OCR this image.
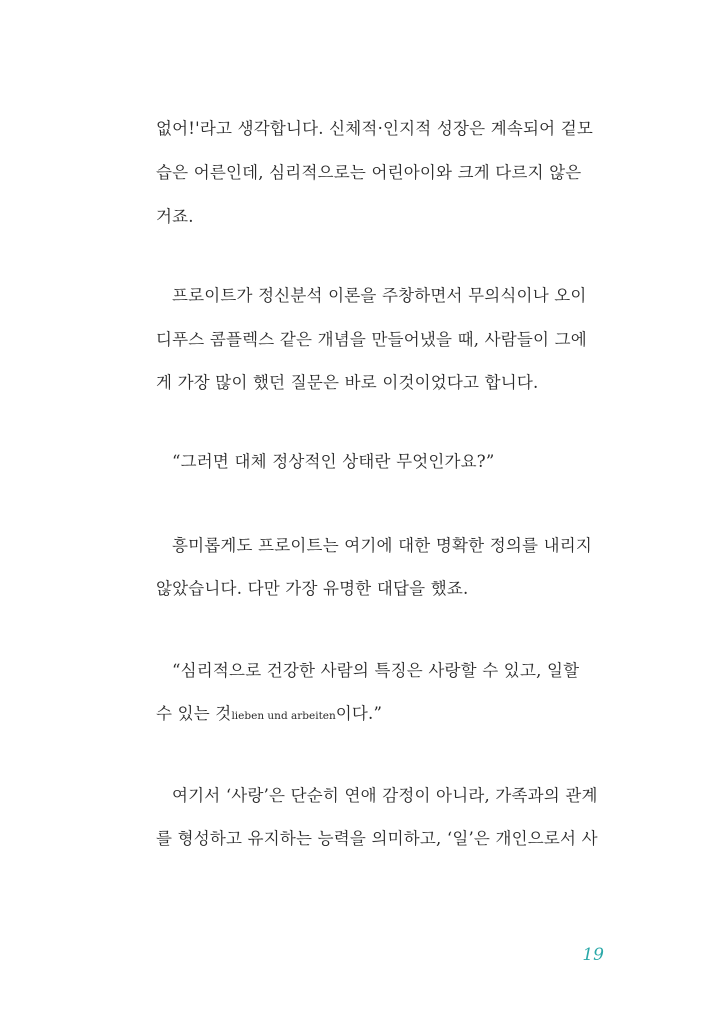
없어!'라고 생각합니다. 신체적·인지적 성장은 계속되어 겉모
습은 어른인데, 심리적으로는 어린아이와 크게 다르지 않은
거죠.
프로이트가 정신분석 이론을 주창하면서 무의식이나 오이
디푸스 콤플렉스 같은 개념을 만들어냈을 때, 사람들이 그에
게 가장 많이 했던 질문은 바로 이것이었다고 합니다.
“그러면 대체 정상적인 상태란 무엇인가요?”
흥미롭게도 프로이트는 여기에 대한 명확한 정의를 내리지
않았습니다. 다만 가장 유명한 대답을 했죠.
“심리적으로 건강한 사람의 특징은 사랑할 수 있고, 일할
수 있는 것lieben und arbeiten이다.”
여기서 ‘사랑’은 단순히 연애 감정이 아니라, 가족과의 관계
를 형성하고 유지하는 능력을 의미하고, ‘일’은 개인으로서 사
19
